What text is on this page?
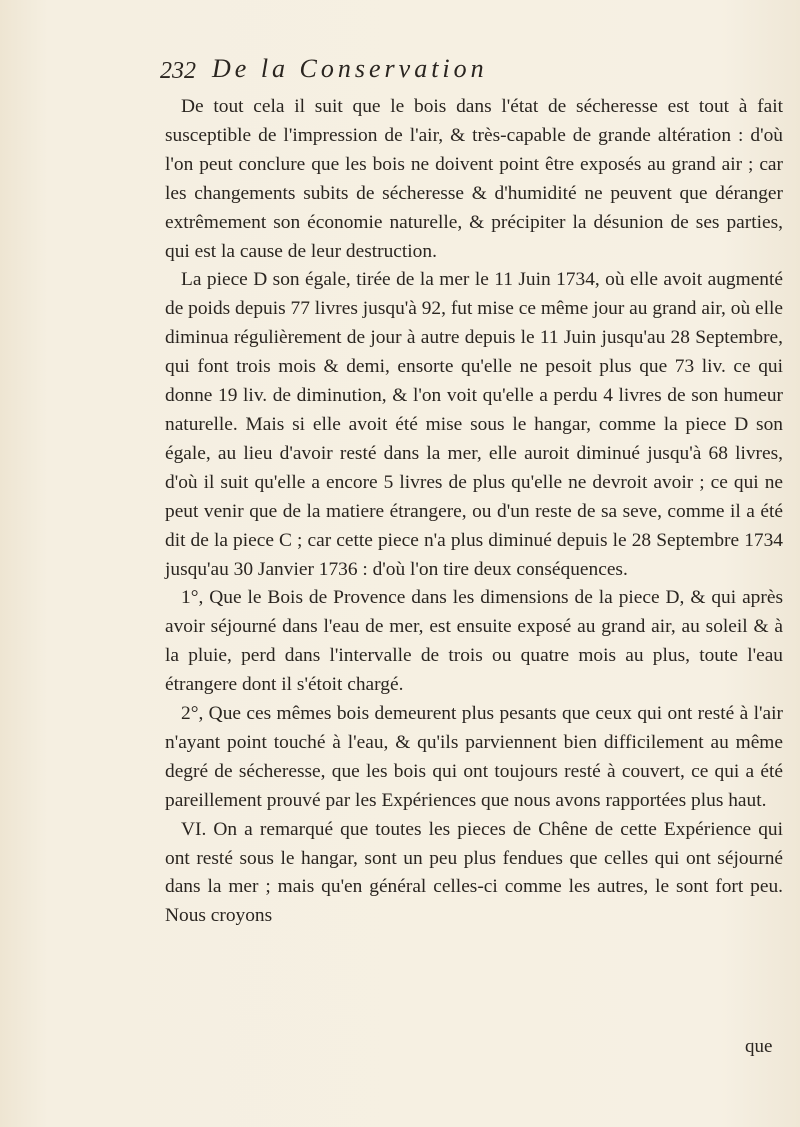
232 De la Conservation

De tout cela il suit que le bois dans l'état de sécheresse est tout à fait susceptible de l'impression de l'air, & très-capable de grande altération : d'où l'on peut conclure que les bois ne doivent point être exposés au grand air ; car les changements subits de sécheresse & d'humidité ne peuvent que déranger extrêmement son économie naturelle, & précipiter la désunion de ses parties, qui est la cause de leur destruction.

La piece D son égale, tirée de la mer le 11 Juin 1734, où elle avoit augmenté de poids depuis 77 livres jusqu'à 92, fut mise ce même jour au grand air, où elle diminua régulièrement de jour à autre depuis le 11 Juin jusqu'au 28 Septembre, qui font trois mois & demi, ensorte qu'elle ne pesoit plus que 73 liv. ce qui donne 19 liv. de diminution, & l'on voit qu'elle a perdu 4 livres de son humeur naturelle. Mais si elle avoit été mise sous le hangar, comme la piece D son égale, au lieu d'avoir resté dans la mer, elle auroit diminué jusqu'à 68 livres, d'où il suit qu'elle a encore 5 livres de plus qu'elle ne devroit avoir ; ce qui ne peut venir que de la matiere étrangere, ou d'un reste de sa seve, comme il a été dit de la piece C ; car cette piece n'a plus diminué depuis le 28 Septembre 1734 jusqu'au 30 Janvier 1736 : d'où l'on tire deux conséquences.

1°, Que le Bois de Provence dans les dimensions de la piece D, & qui après avoir séjourné dans l'eau de mer, est ensuite exposé au grand air, au soleil & à la pluie, perd dans l'intervalle de trois ou quatre mois au plus, toute l'eau étrangere dont il s'étoit chargé.

2°, Que ces mêmes bois demeurent plus pesants que ceux qui ont resté à l'air n'ayant point touché à l'eau, & qu'ils parviennent bien difficilement au même degré de sécheresse, que les bois qui ont toujours resté à couvert, ce qui a été pareillement prouvé par les Expériences que nous avons rapportées plus haut.

VI. On a remarqué que toutes les pieces de Chêne de cette Expérience qui ont resté sous le hangar, sont un peu plus fendues que celles qui ont séjourné dans la mer ; mais qu'en général celles-ci comme les autres, le sont fort peu. Nous croyons

que
